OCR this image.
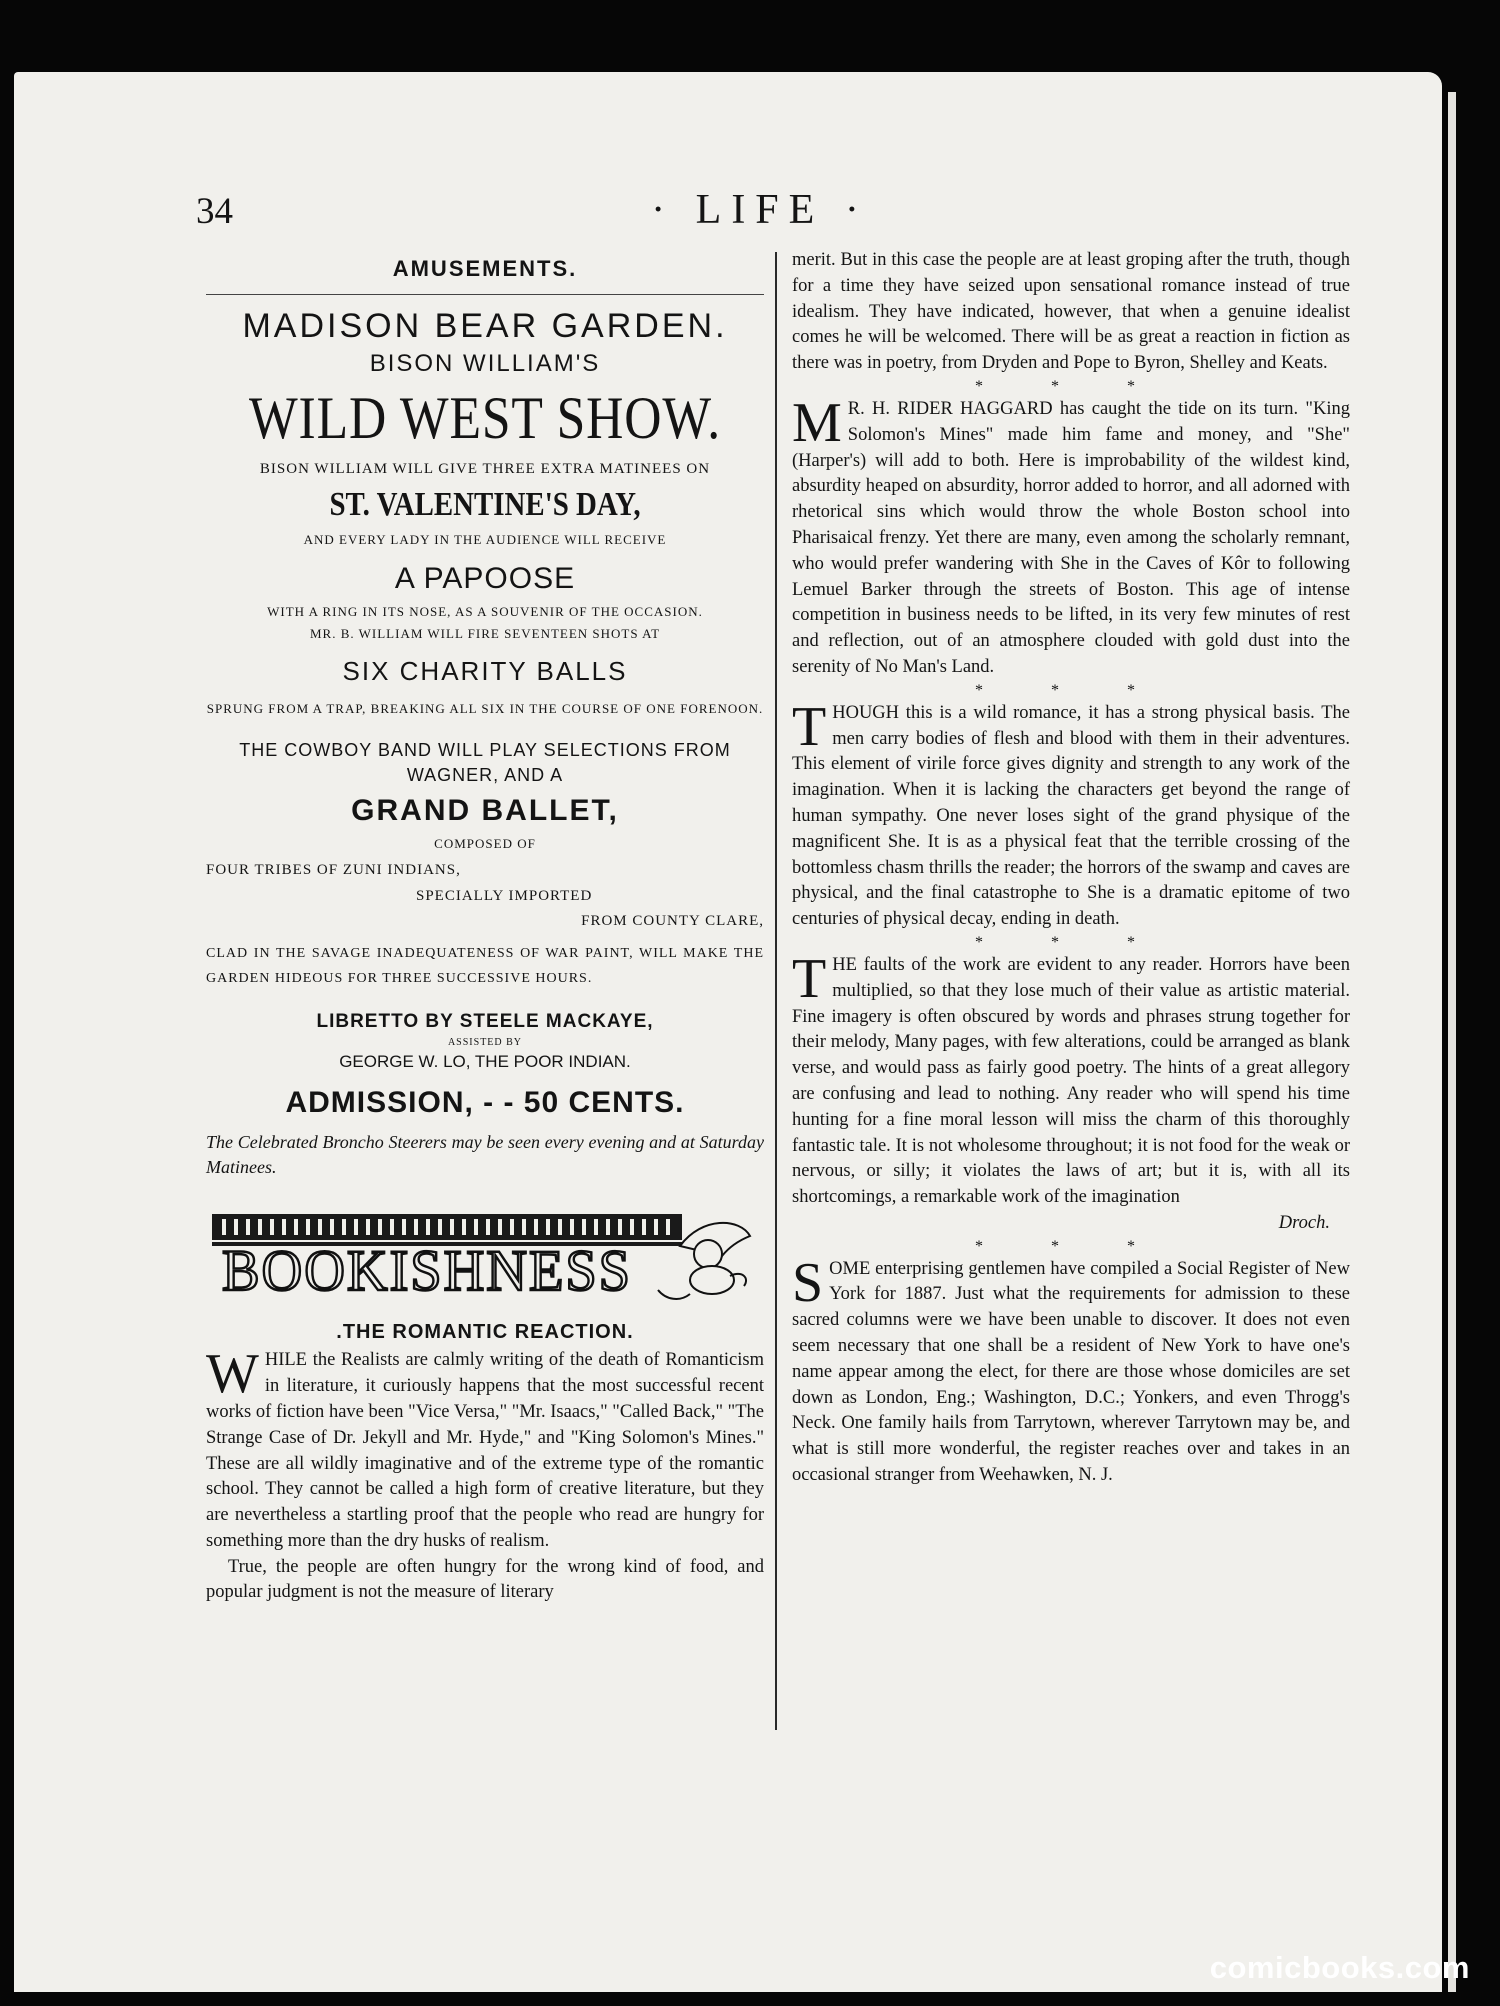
34	· LIFE ·
AMUSEMENTS.
MADISON BEAR GARDEN.
BISON WILLIAM'S
WILD WEST SHOW.
BISON WILLIAM WILL GIVE THREE EXTRA MATINEES ON
ST. VALENTINE'S DAY,
AND EVERY LADY IN THE AUDIENCE WILL RECEIVE
A PAPOOSE
WITH A RING IN ITS NOSE, AS A SOUVENIR OF THE OCCASION.
MR. B. WILLIAM WILL FIRE SEVENTEEN SHOTS AT
SIX CHARITY BALLS
SPRUNG FROM A TRAP, BREAKING ALL SIX IN THE COURSE OF ONE FORENOON.
THE COWBOY BAND WILL PLAY SELECTIONS FROM WAGNER, AND A
GRAND BALLET,
COMPOSED OF
FOUR TRIBES OF ZUNI INDIANS,
SPECIALLY IMPORTED
FROM COUNTY CLARE,
CLAD IN THE SAVAGE INADEQUATENESS OF WAR PAINT, WILL MAKE THE GARDEN HIDEOUS FOR THREE SUCCESSIVE HOURS.
LIBRETTO BY STEELE MACKAYE,
ASSISTED BY
GEORGE W. LO, THE POOR INDIAN.
ADMISSION, - - 50 CENTS.
The Celebrated Broncho Steerers may be seen every evening and at Saturday Matinees.
BOOKISHNESS
.THE ROMANTIC REACTION.

WHILE the Realists are calmly writing of the death of Romanticism in literature, it curiously happens that the most successful recent works of fiction have been "Vice Versa," "Mr. Isaacs," "Called Back," "The Strange Case of Dr. Jekyll and Mr. Hyde," and "King Solomon's Mines." These are all wildly imaginative and of the extreme type of the romantic school. They cannot be called a high form of creative literature, but they are nevertheless a startling proof that the people who read are hungry for something more than the dry husks of realism.

True, the people are often hungry for the wrong kind of food, and popular judgment is not the measure of literary

merit. But in this case the people are at least groping after the truth, though for a time they have seized upon sensational romance instead of true idealism. They have indicated, however, that when a genuine idealist comes he will be welcomed. There will be as great a reaction in fiction as there was in poetry, from Dryden and Pope to Byron, Shelley and Keats.

* * *

M R. H. RIDER HAGGARD has caught the tide on its turn. "King Solomon's Mines" made him fame and money, and "She" (Harper's) will add to both. Here is improbability of the wildest kind, absurdity heaped on absurdity, horror added to horror, and all adorned with rhetorical sins which would throw the whole Boston school into Pharisaical frenzy. Yet there are many, even among the scholarly remnant, who would prefer wandering with She in the Caves of Kôr to following Lemuel Barker through the streets of Boston. This age of intense competition in business needs to be lifted, in its very few minutes of rest and reflection, out of an atmosphere clouded with gold dust into the serenity of No Man's Land.

* * *

THOUGH this is a wild romance, it has a strong physical basis. The men carry bodies of flesh and blood with them in their adventures. This element of virile force gives dignity and strength to any work of the imagination. When it is lacking the characters get beyond the range of human sympathy. One never loses sight of the grand physique of the magnificent She. It is as a physical feat that the terrible crossing of the bottomless chasm thrills the reader; the horrors of the swamp and caves are physical, and the final catastrophe to She is a dramatic epitome of two centuries of physical decay, ending in death.

* * *

THE faults of the work are evident to any reader. Horrors have been multiplied, so that they lose much of their value as artistic material. Fine imagery is often obscured by words and phrases strung together for their melody, Many pages, with few alterations, could be arranged as blank verse, and would pass as fairly good poetry. The hints of a great allegory are confusing and lead to nothing. Any reader who will spend his time hunting for a fine moral lesson will miss the charm of this thoroughly fantastic tale. It is not wholesome throughout; it is not food for the weak or nervous, or silly; it violates the laws of art; but it is, with all its shortcomings, a remarkable work of the imagination

Droch.

* * *

SOME enterprising gentlemen have compiled a Social Register of New York for 1887. Just what the requirements for admission to these sacred columns were we have been unable to discover. It does not even seem necessary that one shall be a resident of New York to have one's name appear among the elect, for there are those whose domiciles are set down as London, Eng.; Washington, D.C.; Yonkers, and even Throgg's Neck. One family hails from Tarrytown, wherever Tarrytown may be, and what is still more wonderful, the register reaches over and takes in an occasional stranger from Weehawken, N. J.

comicbooks.com
